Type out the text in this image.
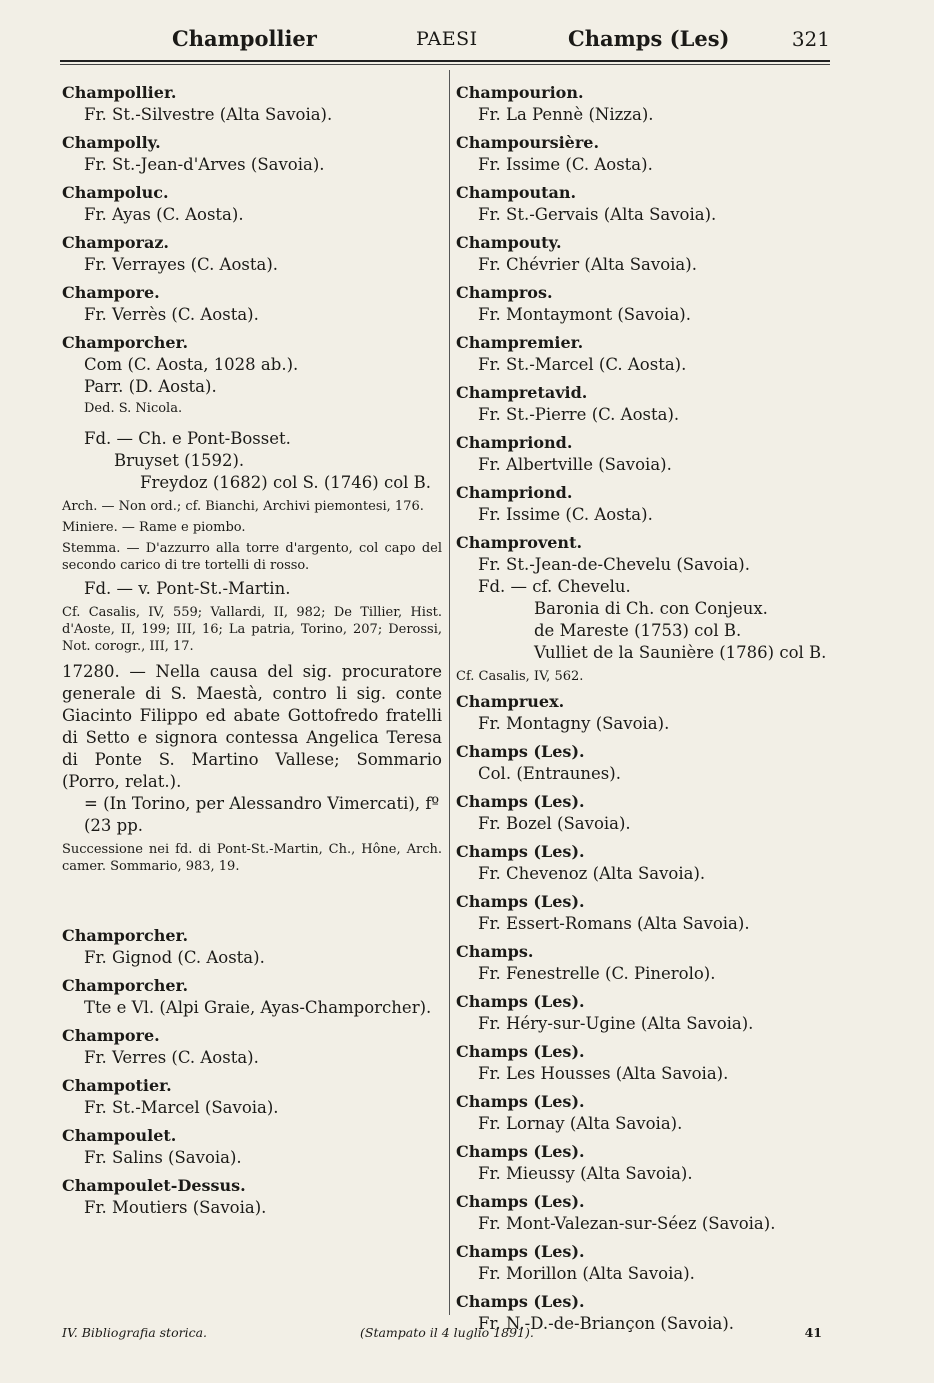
Champollier	PAESI	Champs (Les)	321
Champollier.
Fr. St.-Silvestre (Alta Savoia).
Champolly.
Fr. St.-Jean-d'Arves (Savoia).
Champoluc.
Fr. Ayas (C. Aosta).
Champoraz.
Fr. Verrayes (C. Aosta).
Champore.
Fr. Verrès (C. Aosta).
Champorcher.
Com (C. Aosta, 1028 ab.).
Parr. (D. Aosta).
Ded. S. Nicola.
Fd. — Ch. e Pont-Bosset.
Bruyset (1592).
Freydoz (1682) col S. (1746) col B.
Arch. — Non ord.; cf. Bianchi, Archivi piemontesi, 176.
Miniere. — Rame e piombo.
Stemma. — D'azzurro alla torre d'argento, col capo del secondo carico di tre tortelli di rosso.
Fd. — v. Pont-St.-Martin.
Cf. Casalis, IV, 559; Vallardi, II, 982; De Tillier, Hist. d'Aoste, II, 199; III, 16; La patria, Torino, 207; Derossi, Not. corogr., III, 17.
17280. — Nella causa del sig. procuratore generale di S. Maestà, contro li sig. conte Giacinto Filippo ed abate Gottofredo fratelli di Setto e signora contessa Angelica Teresa di Ponte S. Martino Vallese; Sommario (Porro, relat.).
= (In Torino, per Alessandro Vimercati), fº (23 pp.
Successione nei fd. di Pont-St.-Martin, Ch., Hône, Arch. camer. Sommario, 983, 19.
Champorcher.
Fr. Gignod (C. Aosta).
Champorcher.
Tte e Vl. (Alpi Graie, Ayas-Champorcher).
Champore.
Fr. Verres (C. Aosta).
Champotier.
Fr. St.-Marcel (Savoia).
Champoulet.
Fr. Salins (Savoia).
Champoulet-Dessus.
Fr. Moutiers (Savoia).
Champourion.
Fr. La Pennè (Nizza).
Champoursière.
Fr. Issime (C. Aosta).
Champoutan.
Fr. St.-Gervais (Alta Savoia).
Champouty.
Fr. Chévrier (Alta Savoia).
Champros.
Fr. Montaymont (Savoia).
Champremier.
Fr. St.-Marcel (C. Aosta).
Champretavid.
Fr. St.-Pierre (C. Aosta).
Champriond.
Fr. Albertville (Savoia).
Champriond.
Fr. Issime (C. Aosta).
Champrovent.
Fr. St.-Jean-de-Chevelu (Savoia).
Fd. — cf. Chevelu.
Baronia di Ch. con Conjeux.
de Mareste (1753) col B.
Vulliet de la Saunière (1786) col B.
Cf. Casalis, IV, 562.
Champruex.
Fr. Montagny (Savoia).
Champs (Les).
Col. (Entraunes).
Champs (Les).
Fr. Bozel (Savoia).
Champs (Les).
Fr. Chevenoz (Alta Savoia).
Champs (Les).
Fr. Essert-Romans (Alta Savoia).
Champs.
Fr. Fenestrelle (C. Pinerolo).
Champs (Les).
Fr. Héry-sur-Ugine (Alta Savoia).
Champs (Les).
Fr. Les Housses (Alta Savoia).
Champs (Les).
Fr. Lornay (Alta Savoia).
Champs (Les).
Fr. Mieussy (Alta Savoia).
Champs (Les).
Fr. Mont-Valezan-sur-Séez (Savoia).
Champs (Les).
Fr. Morillon (Alta Savoia).
Champs (Les).
Fr. N.-D.-de-Briançon (Savoia).
IV. Bibliografia storica.	(Stampato il 4 luglio 1891).	41
